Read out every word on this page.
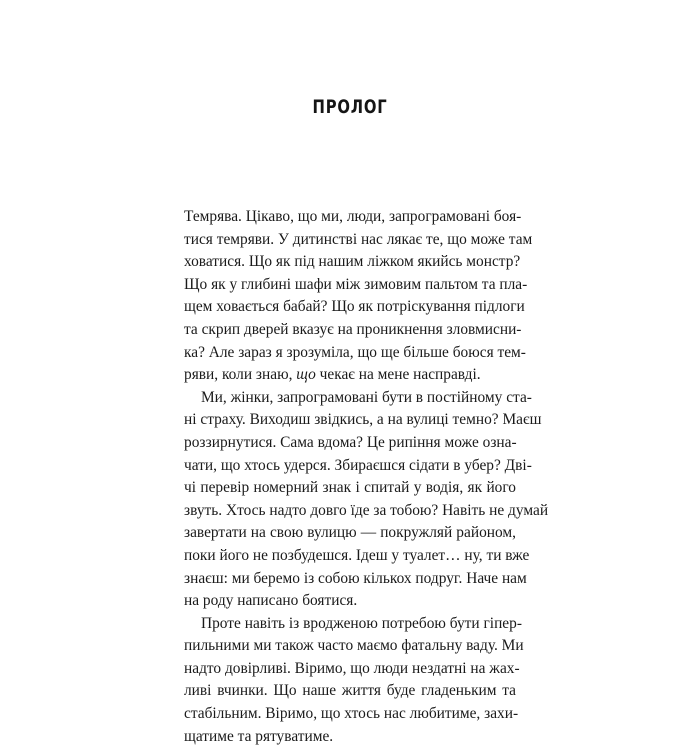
ПРОЛОГ
Темрява. Цікаво, що ми, люди, запрограмовані боя-
тися темряви. У дитинстві нас лякає те, що може там
ховатися. Що як під нашим ліжком якийсь монстр?
Що як у глибині шафи між зимовим пальтом та пла-
щем ховається бабай? Що як потріскування підлоги
та скрип дверей вказує на проникнення зловмисни-
ка? Але зараз я зрозуміла, що ще більше боюся тем-
ряви, коли знаю, що чекає на мене насправді.
Ми, жінки, запрограмовані бути в постійному ста-
ні страху. Виходиш звідкись, а на вулиці темно? Маєш
роззирнутися. Сама вдома? Це рипіння може озна-
чати, що хтось удерся. Збираєшся сідати в убер? Дві-
чі перевір номерний знак і спитай у водія, як його
звуть. Хтось надто довго їде за тобою? Навіть не думай
завертати на свою вулицю — покружляй районом,
поки його не позбудешся. Ідеш у туалет… ну, ти вже
знаєш: ми беремо із собою кількох подруг. Наче нам
на роду написано боятися.
Проте навіть із вродженою потребою бути гіпер-
пильними ми також часто маємо фатальну ваду. Ми
надто довірливі. Віримо, що люди нездатні на жах-
ливі вчинки. Що наше життя буде гладеньким та
стабільним. Віримо, що хтось нас любитиме, захи-
щатиме та рятуватиме.
